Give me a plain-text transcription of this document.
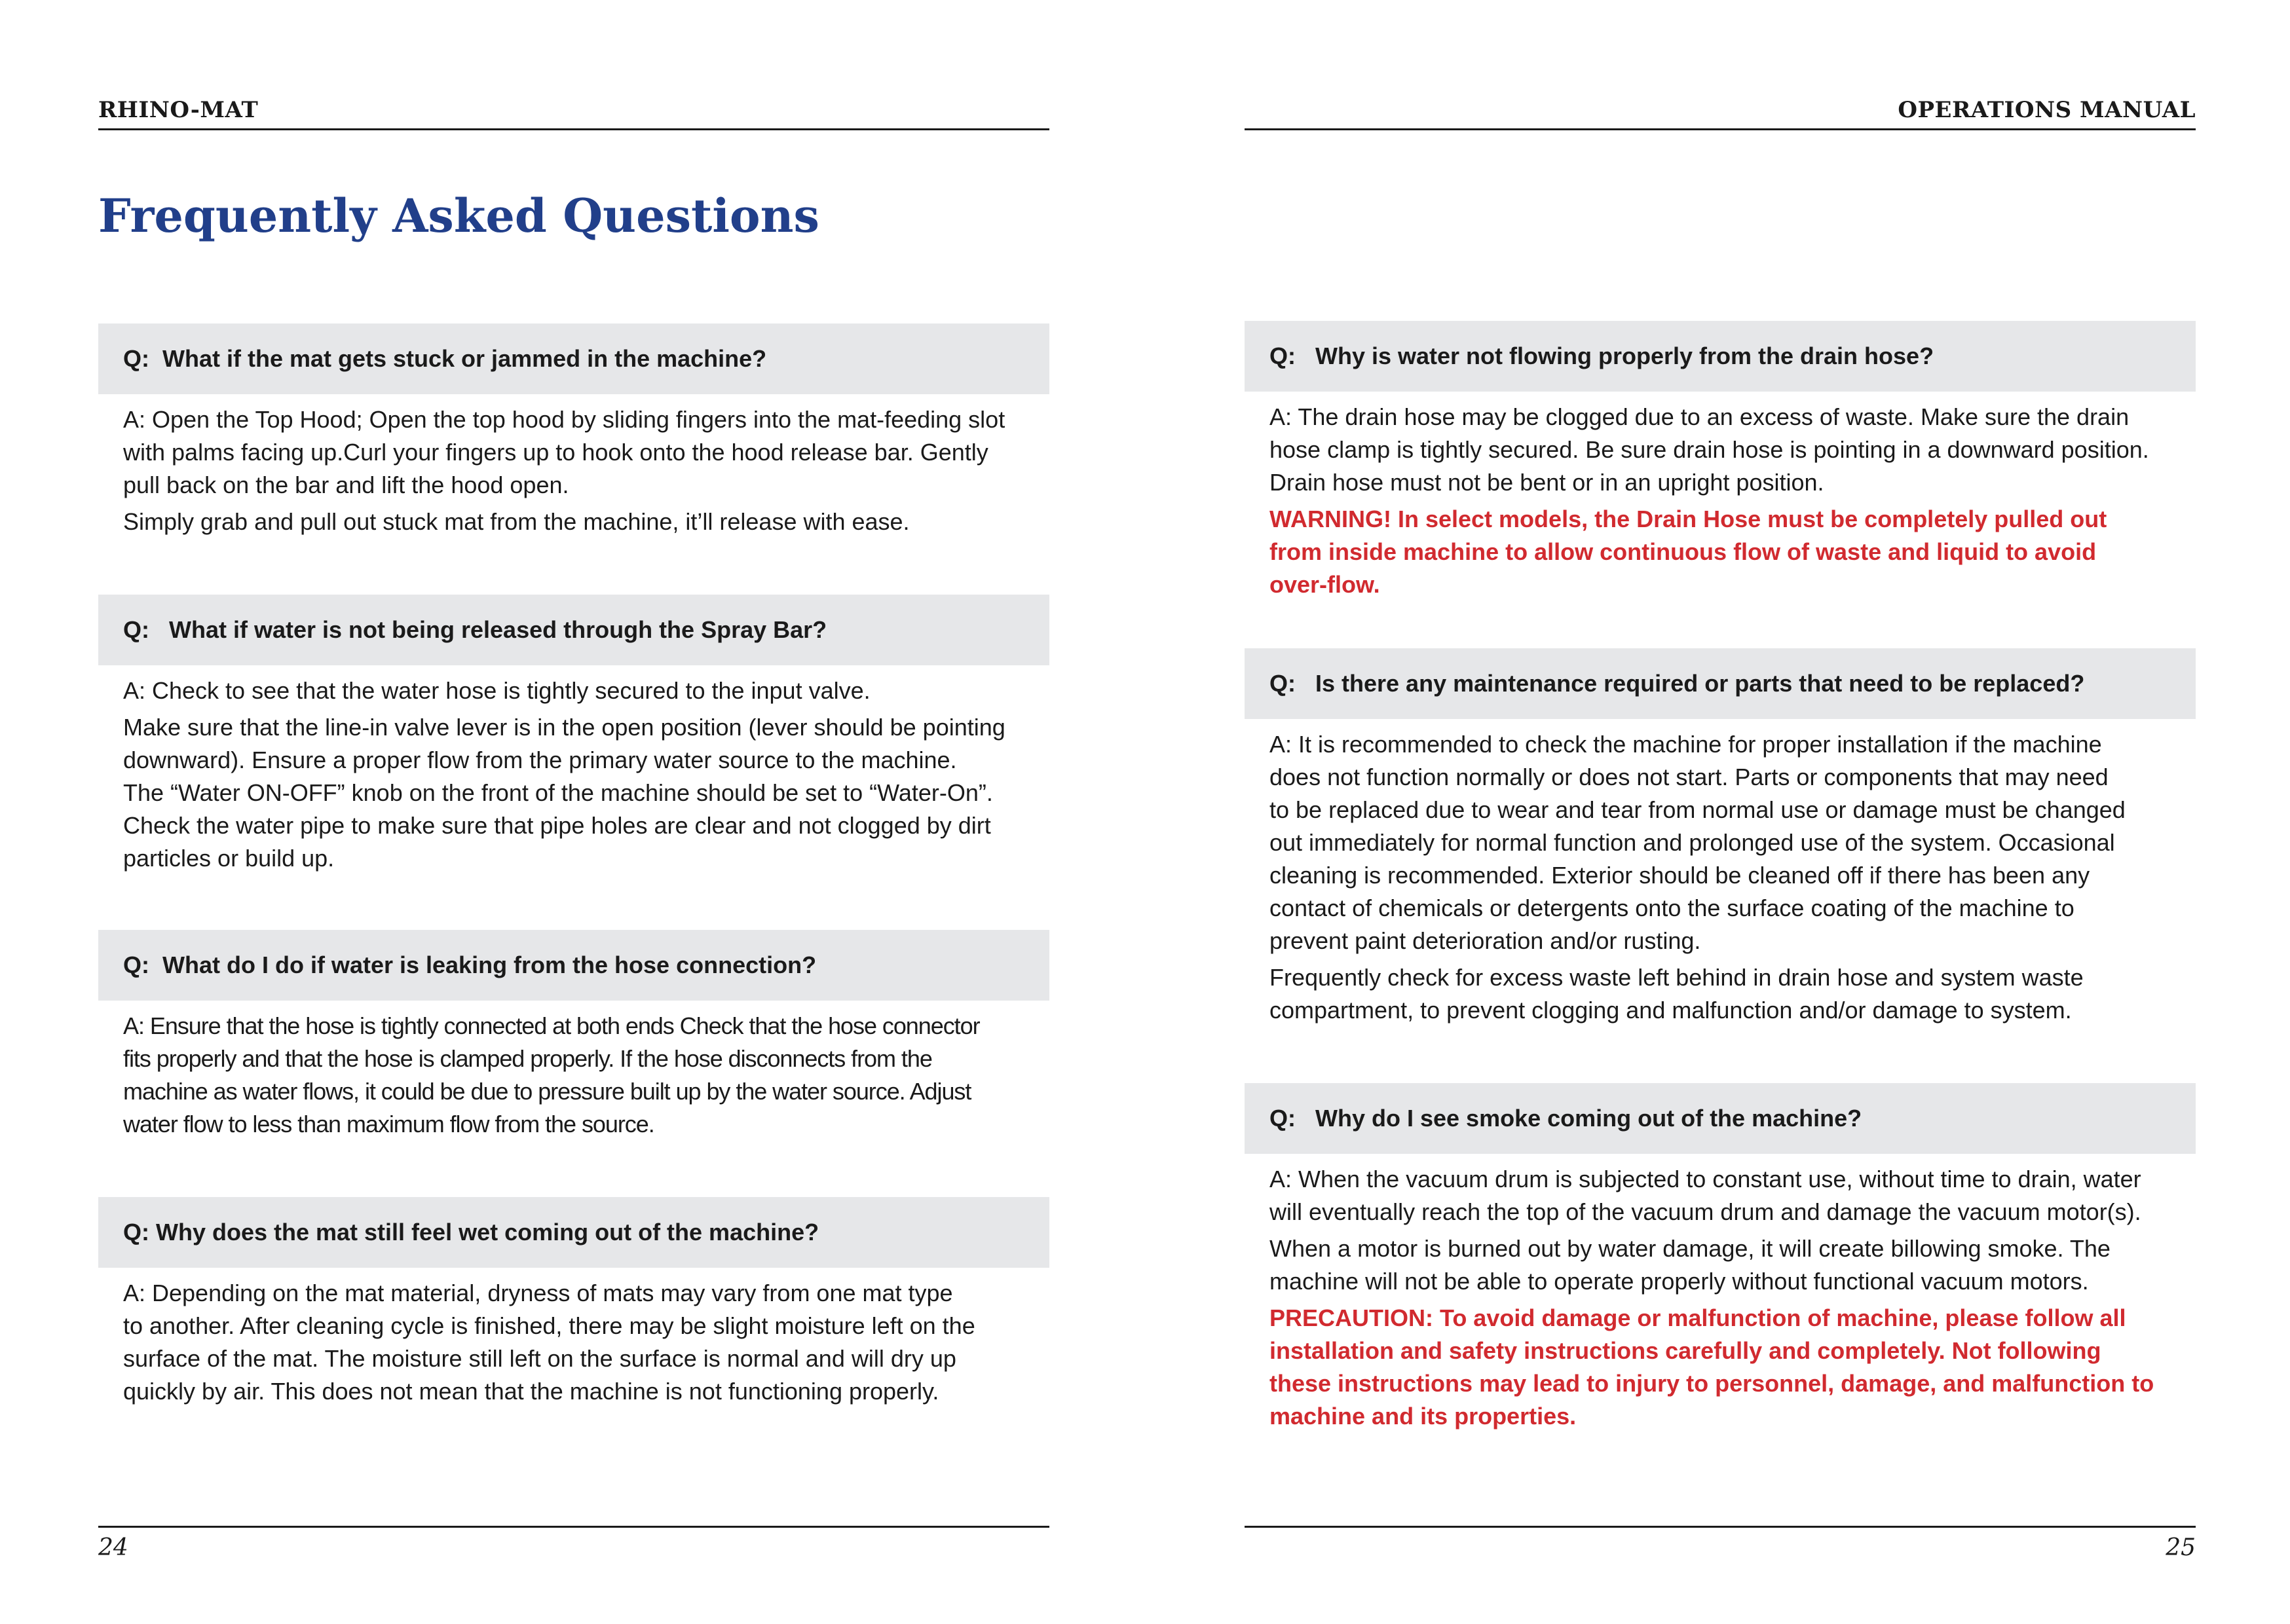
RHINO-MAT
Frequently Asked Questions
Q:  What if the mat gets stuck or jammed in the machine?
A: Open the Top Hood; Open the top hood by sliding fingers into the mat-feeding slot
with palms facing up.Curl your fingers up to hook onto the hood release bar. Gently
pull back on the bar and lift the hood open.
Simply grab and pull out stuck mat from the machine, it’ll release with ease.
Q:   What if water is not being released through the Spray Bar?
A: Check to see that the water hose is tightly secured to the input valve.
Make sure that the line-in valve lever is in the open position (lever should be pointing
downward). Ensure a proper flow from the primary water source to the machine.
The “Water ON-OFF” knob on the front of the machine should be set to “Water-On”.
Check the water pipe to make sure that pipe holes are clear and not clogged by dirt
particles or build up.
Q:  What do I do if water is leaking from the hose connection?
A: Ensure that the hose is tightly connected at both ends Check that the hose connector
fits properly and that the hose is clamped properly. If the hose disconnects from the
machine as water flows, it could be due to pressure built up by the water source. Adjust
water flow to less than maximum flow from the source.
Q: Why does the mat still feel wet coming out of the machine?
A: Depending on the mat material, dryness of mats may vary from one mat type
to another. After cleaning cycle is finished, there may be slight moisture left on the
surface of the mat. The moisture still left on the surface is normal and will dry up
quickly by air. This does not mean that the machine is not functioning properly.
24
OPERATIONS MANUAL
Q:   Why is water not flowing properly from the drain hose?
A: The drain hose may be clogged due to an excess of waste. Make sure the drain
hose clamp is tightly secured. Be sure drain hose is pointing in a downward position.
Drain hose must not be bent or in an upright position.
WARNING! In select models, the Drain Hose must be completely pulled out
from inside machine to allow continuous flow of waste and liquid to avoid
over-flow.
Q:   Is there any maintenance required or parts that need to be replaced?
A: It is recommended to check the machine for proper installation if the machine
does not function normally or does not start. Parts or components that may need
to be replaced due to wear and tear from normal use or damage must be changed
out immediately for normal function and prolonged use of the system. Occasional
cleaning is recommended. Exterior should be cleaned off if there has been any
contact of chemicals or detergents onto the surface coating of the machine to
prevent paint deterioration and/or rusting.
Frequently check for excess waste left behind in drain hose and system waste
compartment, to prevent clogging and malfunction and/or damage to system.
Q:   Why do I see smoke coming out of the machine?
A: When the vacuum drum is subjected to constant use, without time to drain, water
will eventually reach the top of the vacuum drum and damage the vacuum motor(s).
When a motor is burned out by water damage, it will create billowing smoke. The
machine will not be able to operate properly without functional vacuum motors.
PRECAUTION: To avoid damage or malfunction of machine, please follow all
installation and safety instructions carefully and completely. Not following
these instructions may lead to injury to personnel, damage, and malfunction to
machine and its properties.
25
